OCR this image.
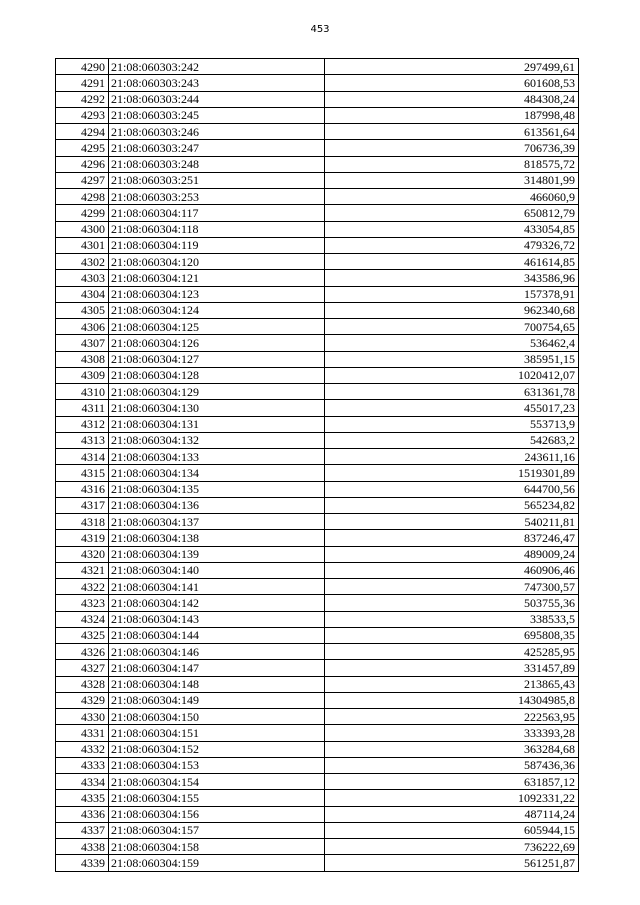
453
4290	21:08:060303:242	297499,61
4291	21:08:060303:243	601608,53
4292	21:08:060303:244	484308,24
4293	21:08:060303:245	187998,48
4294	21:08:060303:246	613561,64
4295	21:08:060303:247	706736,39
4296	21:08:060303:248	818575,72
4297	21:08:060303:251	314801,99
4298	21:08:060303:253	466060,9
4299	21:08:060304:117	650812,79
4300	21:08:060304:118	433054,85
4301	21:08:060304:119	479326,72
4302	21:08:060304:120	461614,85
4303	21:08:060304:121	343586,96
4304	21:08:060304:123	157378,91
4305	21:08:060304:124	962340,68
4306	21:08:060304:125	700754,65
4307	21:08:060304:126	536462,4
4308	21:08:060304:127	385951,15
4309	21:08:060304:128	1020412,07
4310	21:08:060304:129	631361,78
4311	21:08:060304:130	455017,23
4312	21:08:060304:131	553713,9
4313	21:08:060304:132	542683,2
4314	21:08:060304:133	243611,16
4315	21:08:060304:134	1519301,89
4316	21:08:060304:135	644700,56
4317	21:08:060304:136	565234,82
4318	21:08:060304:137	540211,81
4319	21:08:060304:138	837246,47
4320	21:08:060304:139	489009,24
4321	21:08:060304:140	460906,46
4322	21:08:060304:141	747300,57
4323	21:08:060304:142	503755,36
4324	21:08:060304:143	338533,5
4325	21:08:060304:144	695808,35
4326	21:08:060304:146	425285,95
4327	21:08:060304:147	331457,89
4328	21:08:060304:148	213865,43
4329	21:08:060304:149	14304985,8
4330	21:08:060304:150	222563,95
4331	21:08:060304:151	333393,28
4332	21:08:060304:152	363284,68
4333	21:08:060304:153	587436,36
4334	21:08:060304:154	631857,12
4335	21:08:060304:155	1092331,22
4336	21:08:060304:156	487114,24
4337	21:08:060304:157	605944,15
4338	21:08:060304:158	736222,69
4339	21:08:060304:159	561251,87
